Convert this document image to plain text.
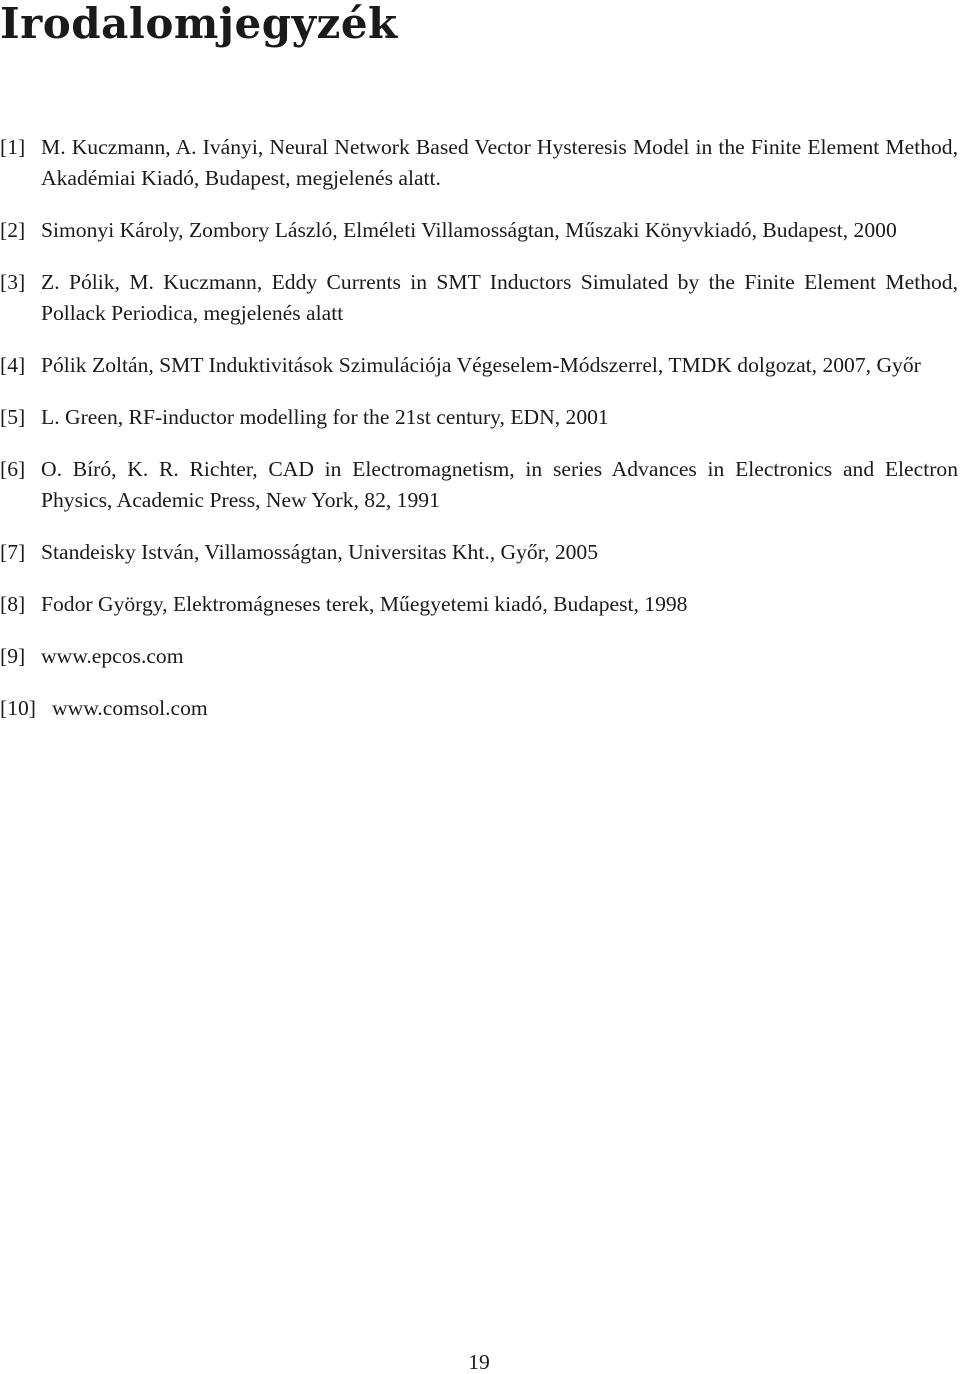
Irodalomjegyzék
[1] M. Kuczmann, A. Iványi, Neural Network Based Vector Hysteresis Model in the Finite Element Method, Akadémiai Kiadó, Budapest, megjelenés alatt.
[2] Simonyi Károly, Zombory László, Elméleti Villamosságtan, Műszaki Könyvkiadó, Budapest, 2000
[3] Z. Pólik, M. Kuczmann, Eddy Currents in SMT Inductors Simulated by the Finite Element Method, Pollack Periodica, megjelenés alatt
[4] Pólik Zoltán, SMT Induktivitások Szimulációja Végeselem-Módszerrel, TMDK dolgozat, 2007, Győr
[5] L. Green, RF-inductor modelling for the 21st century, EDN, 2001
[6] O. Bíró, K. R. Richter, CAD in Electromagnetism, in series Advances in Electronics and Electron Physics, Academic Press, New York, 82, 1991
[7] Standeisky István, Villamosságtan, Universitas Kht., Győr, 2005
[8] Fodor György, Elektromágneses terek, Műegyetemi kiadó, Budapest, 1998
[9] www.epcos.com
[10] www.comsol.com
19
